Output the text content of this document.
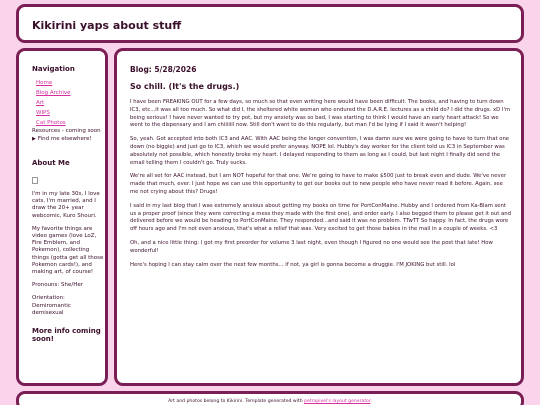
Kikirini yaps about stuff
Navigation
Home
Blog Archive
Art
WIPS
Cat Photos
Resources - coming soon
▶ Find me elsewhere!
About Me
I'm in my late 30s, I love cats, I'm married, and I draw the 20+ year webcomic, Kuro Shouri.
My favorite things are video games (love LoZ, Fire Emblem, and Pokemon), collecting things (gotta get all those Pokemon cards!), and making art, of course!
Pronouns: She/Her
Orientation: Demiromantic demisexual
More info coming soon!
Blog: 5/28/2026
So chill. (It's the drugs.)

I have been FREAKING OUT for a few days, so much so that even writing here would have been difficult. The books, and having to turn down IC3, etc...it was all too much. So what did I, the sheltered white woman who endured the D.A.R.E. lectures as a child do? I did the drugs. xD I'm being serious! I have never wanted to try pot, but my anxiety was so bad, I was starting to think I would have an early heart attack! So we went to the dispensary and I am chiiiiill now. Still don't want to do this regularly, but man I'd be lying if I said it wasn't helping!

So, yeah. Got accepted into both IC3 and AAC. With AAC being the longer convention, I was damn sure we were going to have to turn that one down (no biggie) and just go to IC3, which we would prefer anyway. NOPE lol. Hubby's day worker for the client told us IC3 in September was absolutely not possible, which honestly broke my heart. I delayed responding to them as long as I could, but last night I finally did send the email telling them I couldn't go. Truly sucks.

We're all set for AAC instead, but I am NOT hopeful for that one. We're going to have to make $500 just to break even and dude. We've never made that much, ever. I just hope we can use this opportunity to get our books out to new people who have never read it before. Again, see me not crying about this? Drugs!

I said in my last blog that I was extremely anxious about getting my books on time for PortConMaine. Hubby and I ordered from Ka-Blam sent us a proper proof (since they were correcting a mess they made with the first one), and order early. I also begged them to please get it out and delivered before we would be heading to PortConMaine. They responded...and said it was no problem. TTwTT So happy. In fact, the drugs wore off hours ago and I'm not even anxious, that's what a relief that was. Very excited to get those babies in the mail in a couple of weeks. <3

Oh, and a nice little thing: I got my first preorder for volume 3 last night, even though I figured no one would see the post that late! How wonderful!

Here's hoping I can stay calm over the next few months... if not, ya girl is gonna become a druggie. I'M JOKING but still. lol

Art and photos belong to Kikirini. Template generated with petrapixel's layout generator.
